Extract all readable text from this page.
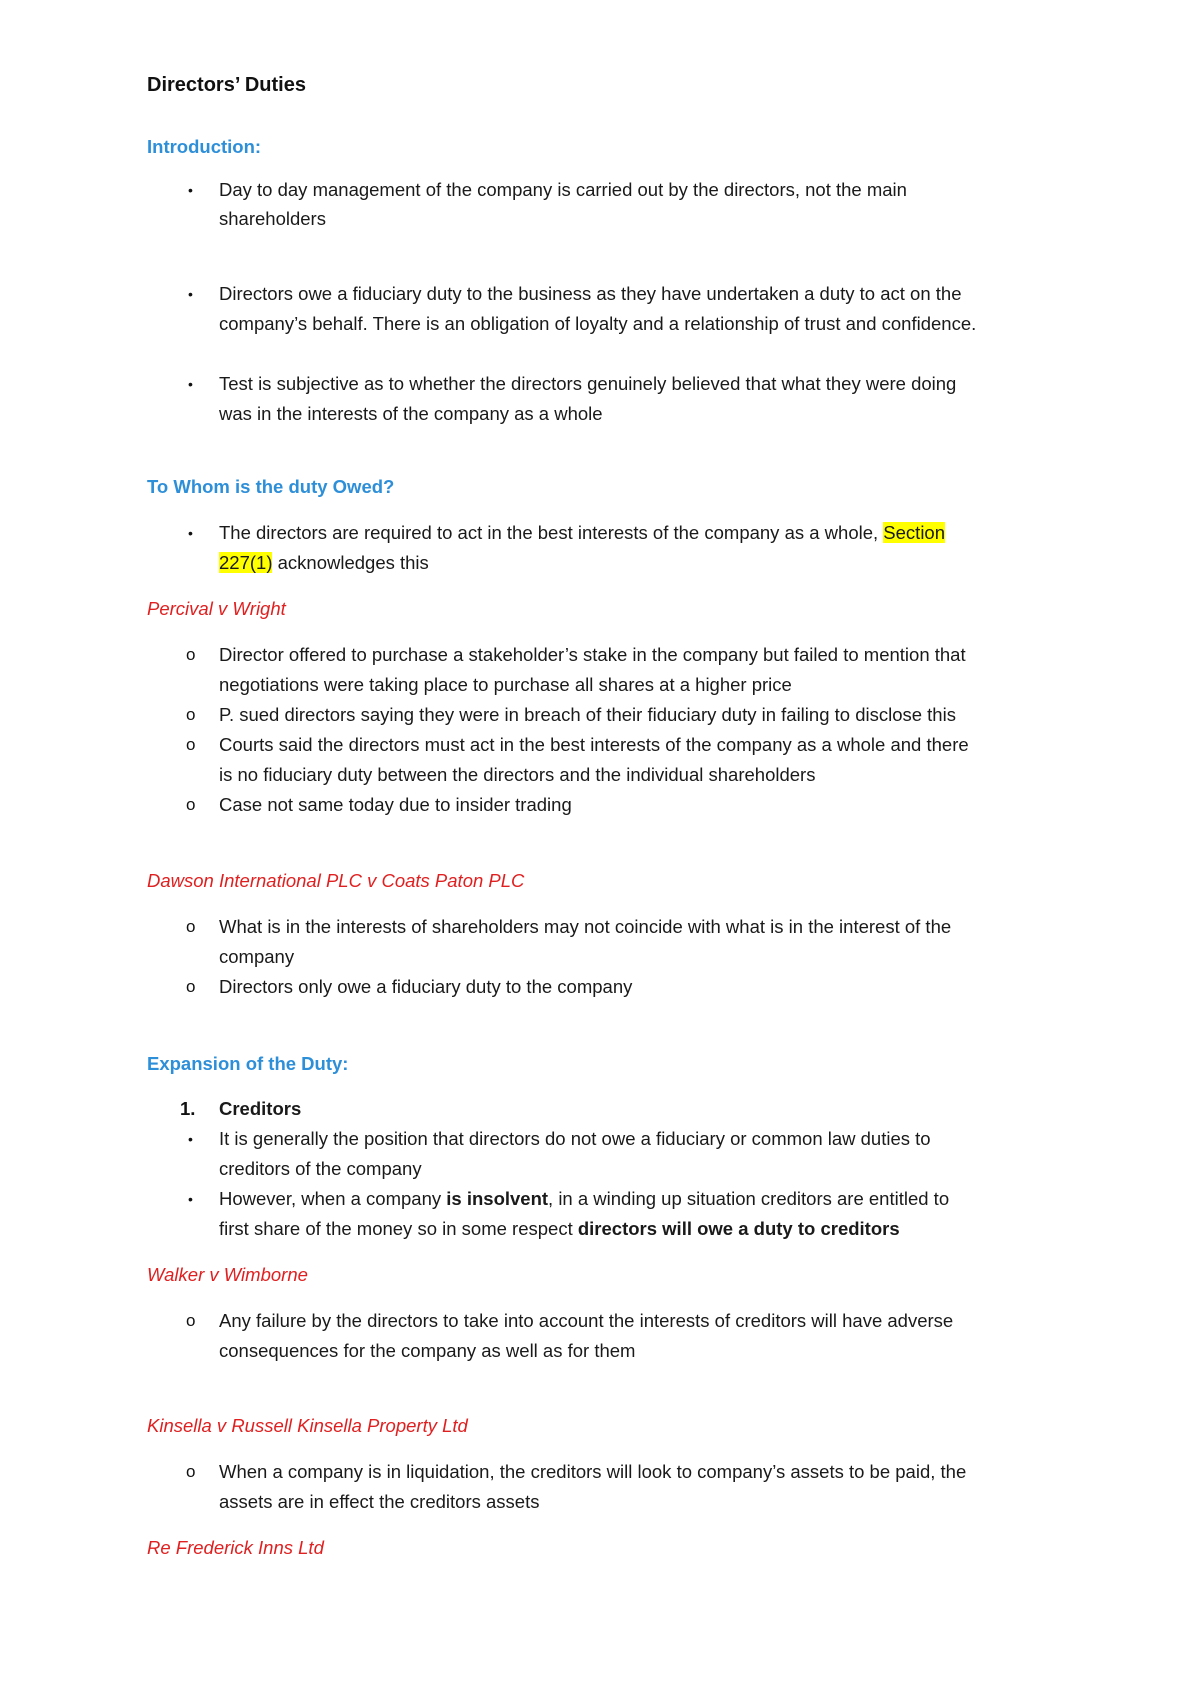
Directors’ Duties
Introduction:
• Day to day management of the company is carried out by the directors, not the main
shareholders
• Directors owe a fiduciary duty to the business as they have undertaken a duty to act on the
company’s behalf. There is an obligation of loyalty and a relationship of trust and confidence.
• Test is subjective as to whether the directors genuinely believed that what they were doing
was in the interests of the company as a whole
To Whom is the duty Owed?
• The directors are required to act in the best interests of the company as a whole, Section
227(1) acknowledges this
Percival v Wright
o Director offered to purchase a stakeholder’s stake in the company but failed to mention that
negotiations were taking place to purchase all shares at a higher price
o P. sued directors saying they were in breach of their fiduciary duty in failing to disclose this
o Courts said the directors must act in the best interests of the company as a whole and there
is no fiduciary duty between the directors and the individual shareholders
o Case not same today due to insider trading
Dawson International PLC v Coats Paton PLC
o What is in the interests of shareholders may not coincide with what is in the interest of the
company
o Directors only owe a fiduciary duty to the company
Expansion of the Duty:
1. Creditors
• It is generally the position that directors do not owe a fiduciary or common law duties to
creditors of the company
• However, when a company is insolvent, in a winding up situation creditors are entitled to
first share of the money so in some respect directors will owe a duty to creditors
Walker v Wimborne
o Any failure by the directors to take into account the interests of creditors will have adverse
consequences for the company as well as for them
Kinsella v Russell Kinsella Property Ltd
o When a company is in liquidation, the creditors will look to company’s assets to be paid, the
assets are in effect the creditors assets
Re Frederick Inns Ltd
